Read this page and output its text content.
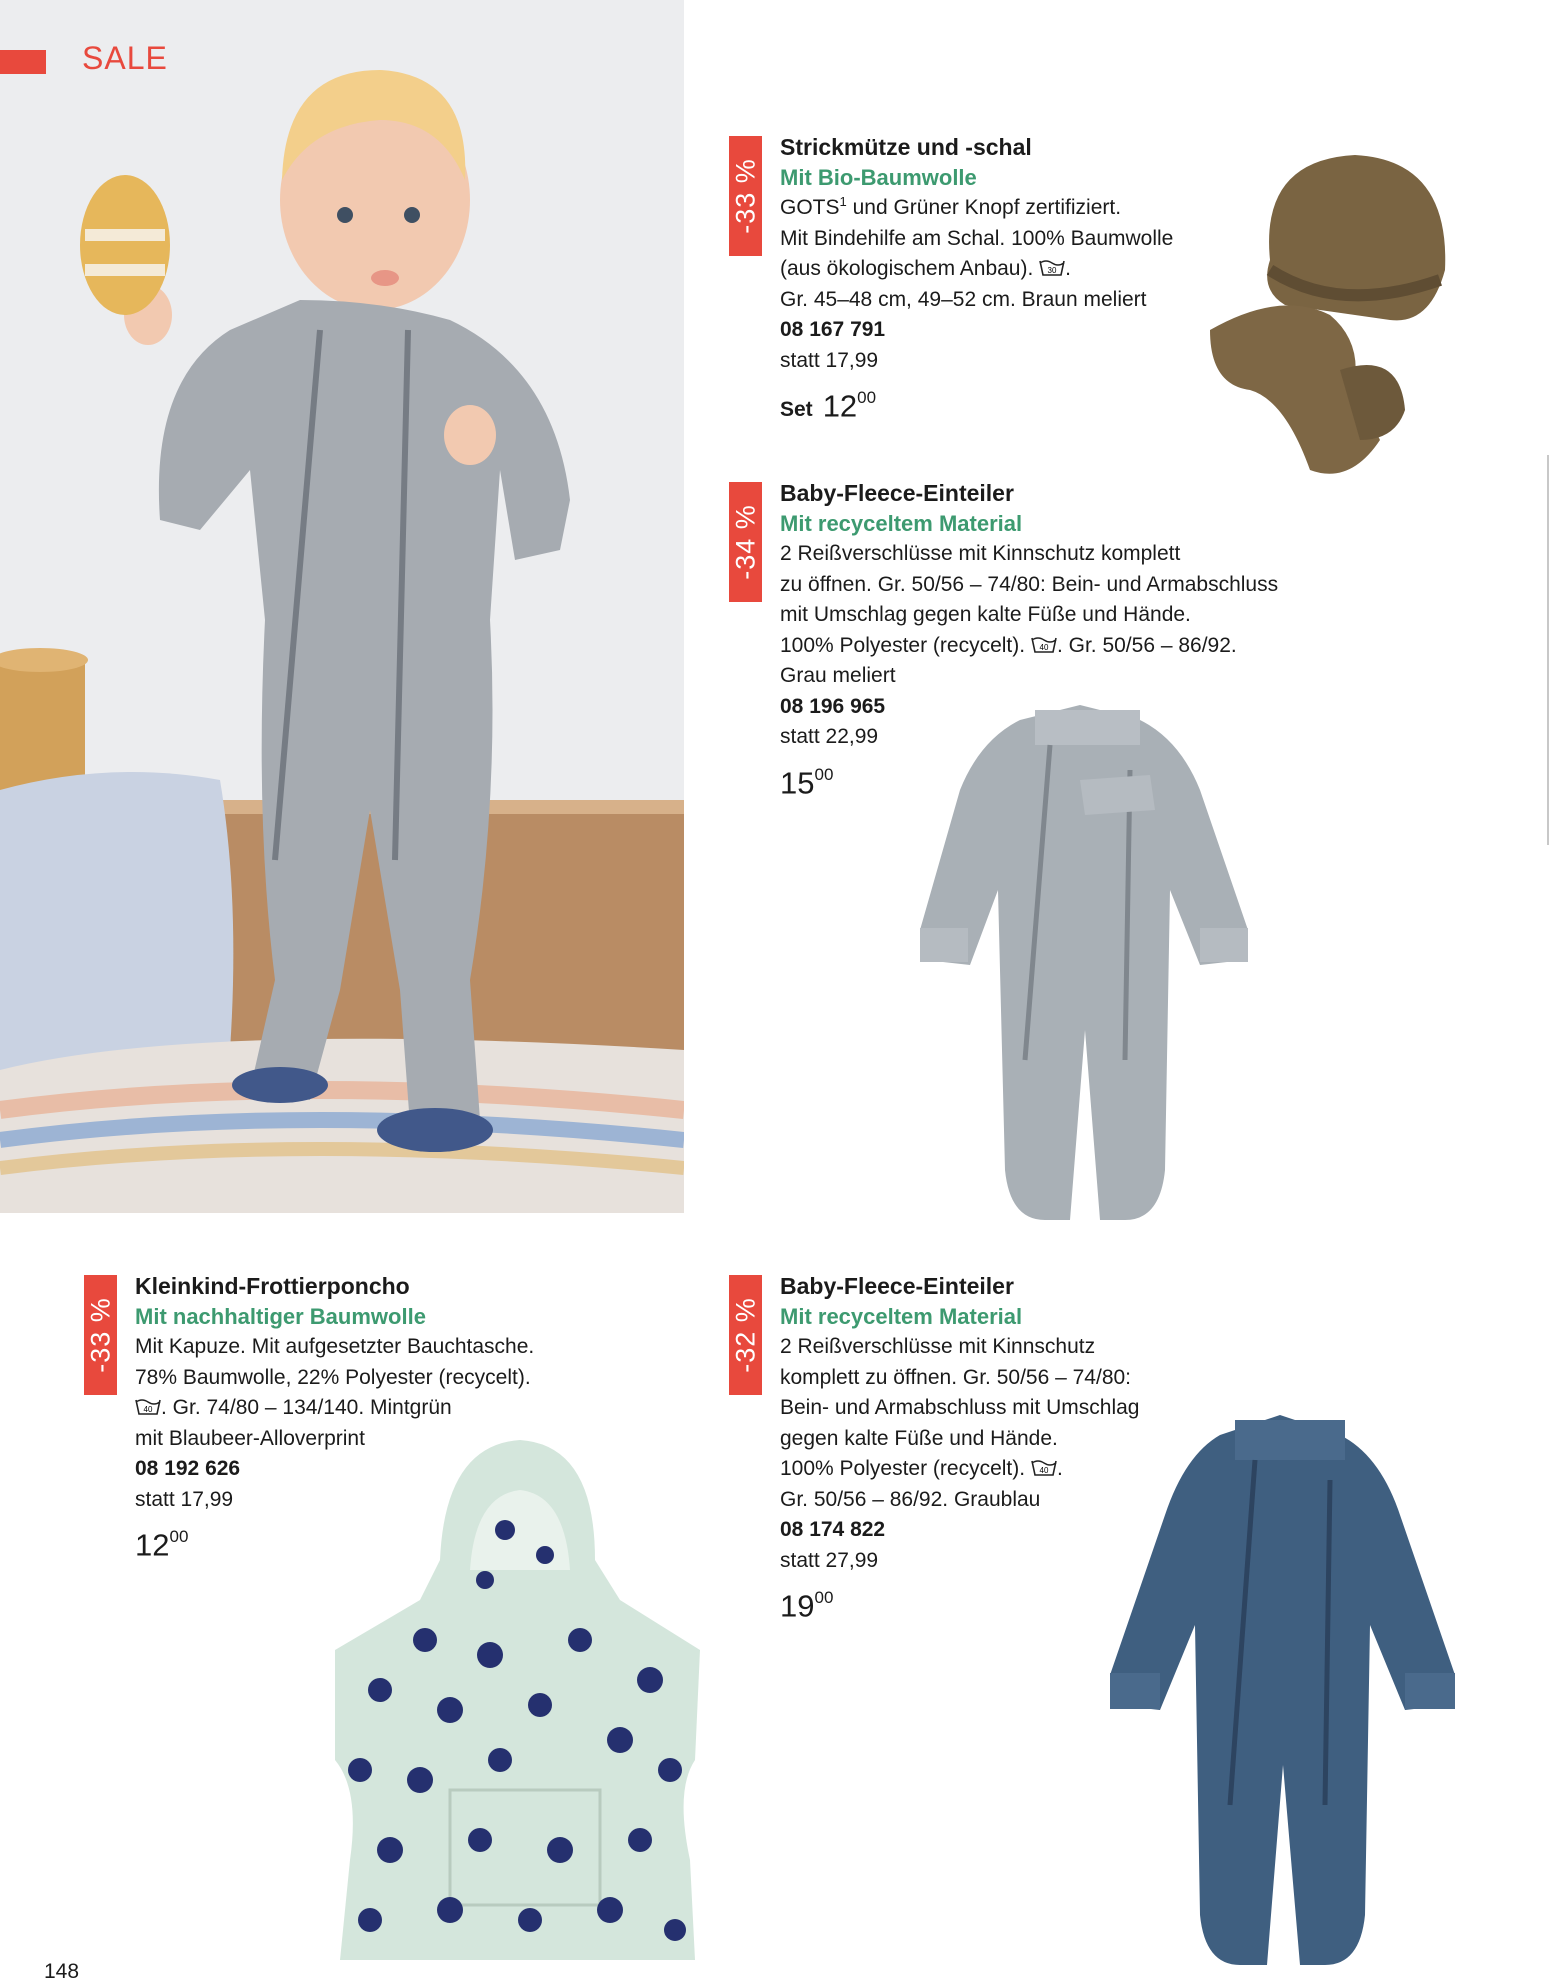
SALE
-33 %
Strickmütze und -schal
Mit Bio-Baumwolle
GOTS$^1$ und Grüner Knopf zertifiziert.
Mit Bindehilfe am Schal. 100% Baumwolle
(aus ökologischem Anbau). 30 .
Gr. 45–48 cm, 49–52 cm. Braun meliert
08 167 791
statt 17,99
Set $12^{00}$
-34 %
Baby-Fleece-Einteiler
Mit recyceltem Material
2 Reißverschlüsse mit Kinnschutz komplett
zu öffnen. Gr. 50/56 – 74/80: Bein- und Armabschluss
mit Umschlag gegen kalte Füße und Hände.
100% Polyester (recycelt). 40 . Gr. 50/56 – 86/92.
Grau meliert
08 196 965
statt 22,99
$15^{00}$
-33 %
Kleinkind-Frottierponcho
Mit nachhaltiger Baumwolle
Mit Kapuze. Mit aufgesetzter Bauchtasche.
78% Baumwolle, 22% Polyester (recycelt).
40 . Gr. 74/80 – 134/140. Mintgrün
mit Blaubeer-Alloverprint
08 192 626
statt 17,99
$12^{00}$
-32 %
Baby-Fleece-Einteiler
Mit recyceltem Material
2 Reißverschlüsse mit Kinnschutz
komplett zu öffnen. Gr. 50/56 – 74/80:
Bein- und Armabschluss mit Umschlag
gegen kalte Füße und Hände.
100% Polyester (recycelt). 40 .
Gr. 50/56 – 86/92. Graublau
08 174 822
statt 27,99
$19^{00}$
148
